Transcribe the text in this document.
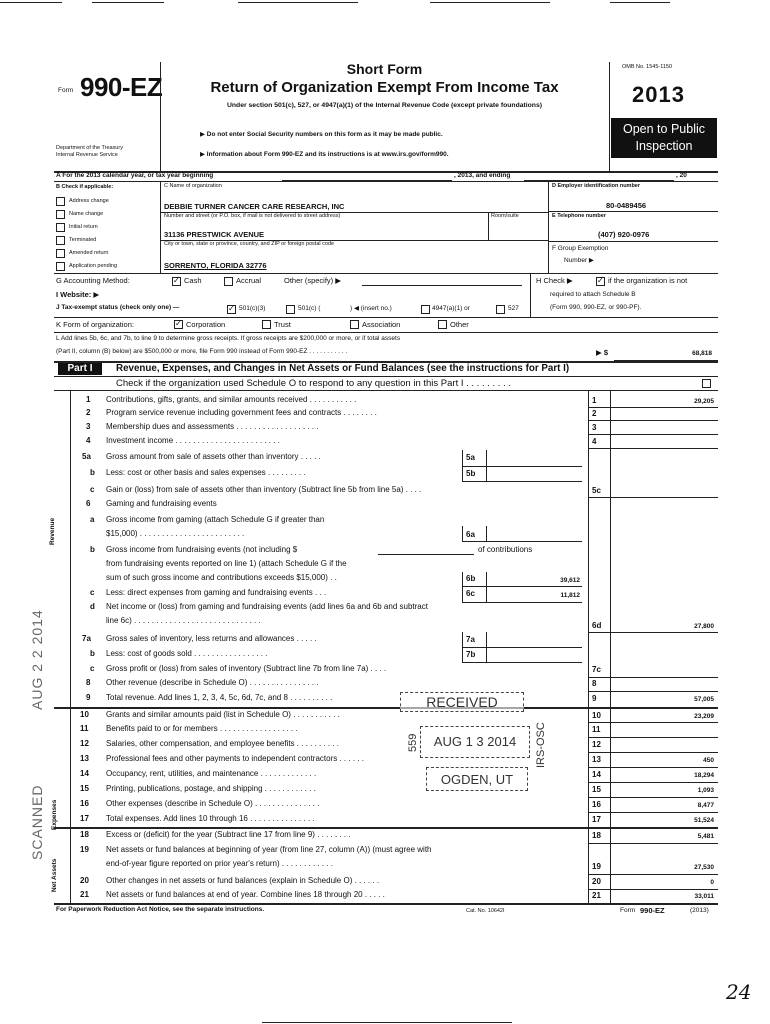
Form 990-EZ
Department of the Treasury
Internal Revenue Service
Short Form
Return of Organization Exempt From Income Tax
Under section 501(c), 527, or 4947(a)(1) of the Internal Revenue Code (except private foundations)
▶ Do not enter Social Security numbers on this form as it may be made public.
▶ Information about Form 990-EZ and its instructions is at www.irs.gov/form990.
OMB No. 1545-1150
2013
Open to Public
Inspection
A For the 2013 calendar year, or tax year beginning	, 2013, and ending	, 20
B Check if applicable:
Address change
Name change
Initial return
Terminated
Amended return
Application pending
C Name of organization
DEBBIE TURNER CANCER CARE RESEARCH, INC
Number and street (or P.O. box, if mail is not delivered to street address)	Room/suite
31136 PRESTWICK AVENUE
City or town, state or province, country, and ZIP or foreign postal code
SORRENTO, FLORIDA 32776
D Employer identification number
80-0489456
E Telephone number
(407) 920-0976
F Group Exemption
Number ▶
G Accounting Method: ✓	Cash	Accrual	Other (specify) ▶	H Check ▶ ✓	if the organization is not
required to attach Schedule B
(Form 990, 990-EZ, or 990-PF).
I Website: ▶
J Tax-exempt status (check only one) — ✓	501(c)(3)	501(c) (	) ◀ (insert no.)	4947(a)(1) or	527
K Form of organization: ✓	Corporation	Trust	Association	Other
L Add lines 5b, 6c, and 7b, to line 9 to determine gross receipts. If gross receipts are $200,000 or more, or if total assets
(Part II, column (B) below) are $500,000 or more, file Form 990 instead of Form 990-EZ . . . . . . . . . . .	▶ $	68,818
Part I	Revenue, Expenses, and Changes in Net Assets or Fund Balances (see the instructions for Part I)
Check if the organization used Schedule O to respond to any question in this Part I . . . . . . . . .
Revenue
Expenses
Net Assets
1 Contributions, gifts, grants, and similar amounts received . . . . . . . . . . .	1	29,205
2 Program service revenue including government fees and contracts . . . . . . . .	2
3 Membership dues and assessments . . . . . . . . . . . . . . . . . . .	3
4 Investment income . . . . . . . . . . . . . . . . . . . . . . . .	4
5a Gross amount from sale of assets other than inventory . . . . .	5a
b Less: cost or other basis and sales expenses . . . . . . . . .	5b
c Gain or (loss) from sale of assets other than inventory (Subtract line 5b from line 5a) . . . .	5c
6 Gaming and fundraising events
a Gross income from gaming (attach Schedule G if greater than
$15,000) . . . . . . . . . . . . . . . . . . . . . . . .	6a
b Gross income from fundraising events (not including $	of contributions
from fundraising events reported on line 1) (attach Schedule G if the
sum of such gross income and contributions exceeds $15,000) . .	6b	39,612
c Less: direct expenses from gaming and fundraising events . . .	6c	11,812
d Net income or (loss) from gaming and fundraising events (add lines 6a and 6b and subtract
line 6c) . . . . . . . . . . . . . . . . . . . . . . . . . . . . .
6d	27,800
7a Gross sales of inventory, less returns and allowances . . . . .	7a
b Less: cost of goods sold . . . . . . . . . . . . . . . . .	7b
c Gross profit or (loss) from sales of inventory (Subtract line 7b from line 7a) . . . .	7c
8 Other revenue (describe in Schedule O) . . . . . . . . . . . . . . . .	8
9 Total revenue. Add lines 1, 2, 3, 4, 5c, 6d, 7c, and 8 . . . . . . . . . .	9	57,005
10 Grants and similar amounts paid (list in Schedule O) . . . . . . . . . . .	10	23,209
11 Benefits paid to or for members . . . . . . . . . . . . . . . . . .	11
12 Salaries, other compensation, and employee benefits . . . . . . . . . .	12
13 Professional fees and other payments to independent contractors . . . . . .	13	450
14 Occupancy, rent, utilities, and maintenance . . . . . . . . . . . . .	14	18,294
15 Printing, publications, postage, and shipping . . . . . . . . . . . .	15	1,093
16 Other expenses (describe in Schedule O) . . . . . . . . . . . . . . .	16	8,477
17 Total expenses. Add lines 10 through 16 . . . . . . . . . . . . . . .	17	51,524
18 Excess or (deficit) for the year (Subtract line 17 from line 9) . . . . . . . .	18	5,481
19 Net assets or fund balances at beginning of year (from line 27, column (A)) (must agree with
end-of-year figure reported on prior year's return) . . . . . . . . . . . .	19	27,530
20 Other changes in net assets or fund balances (explain in Schedule O) . . . . . .	20	0
21 Net assets or fund balances at end of year. Combine lines 18 through 20 . . . . .	21	33,011
For Paperwork Reduction Act Notice, see the separate instructions.	Cat. No. 10642I	Form 990-EZ	(2013)
RECEIVED
AUG 1 3 2014
OGDEN, UT
559	IRS-OSC
SCANNED
AUG 2 2 2014
24
